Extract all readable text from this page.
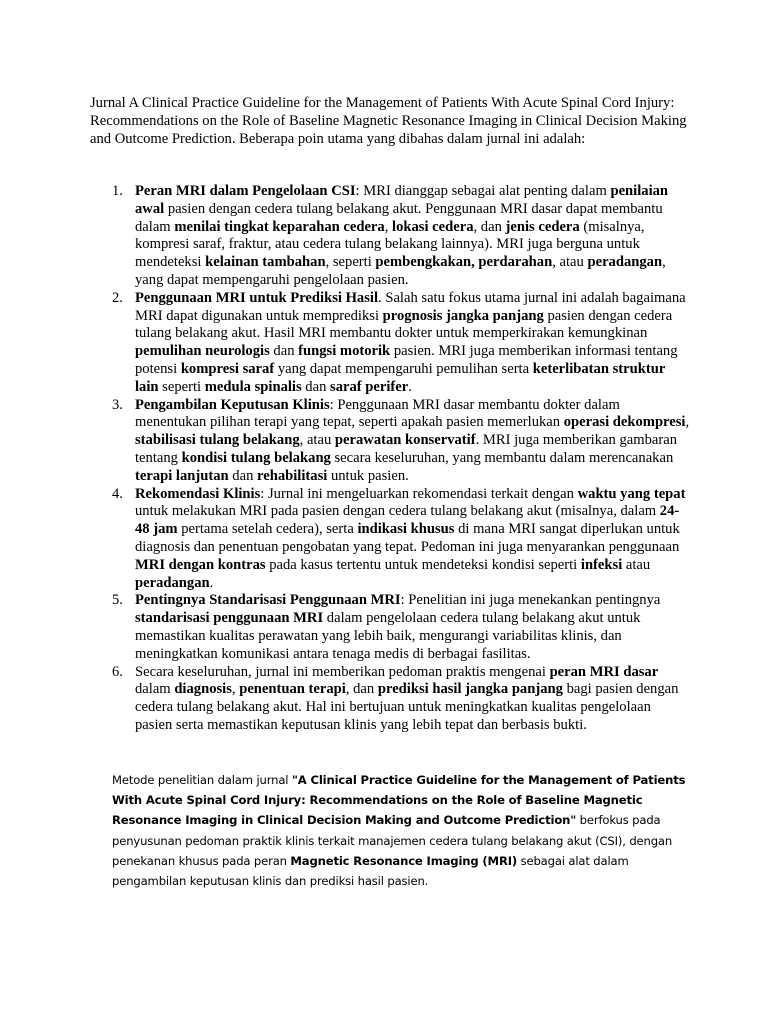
Jurnal A Clinical Practice Guideline for the Management of Patients With Acute Spinal Cord Injury: Recommendations on the Role of Baseline Magnetic Resonance Imaging in Clinical Decision Making and Outcome Prediction. Beberapa poin utama yang dibahas dalam jurnal ini adalah:

1. Peran MRI dalam Pengelolaan CSI: MRI dianggap sebagai alat penting dalam penilaian awal pasien dengan cedera tulang belakang akut. Penggunaan MRI dasar dapat membantu dalam menilai tingkat keparahan cedera, lokasi cedera, dan jenis cedera (misalnya, kompresi saraf, fraktur, atau cedera tulang belakang lainnya). MRI juga berguna untuk mendeteksi kelainan tambahan, seperti pembengkakan, perdarahan, atau peradangan, yang dapat mempengaruhi pengelolaan pasien.
2. Penggunaan MRI untuk Prediksi Hasil. Salah satu fokus utama jurnal ini adalah bagaimana MRI dapat digunakan untuk memprediksi prognosis jangka panjang pasien dengan cedera tulang belakang akut. Hasil MRI membantu dokter untuk memperkirakan kemungkinan pemulihan neurologis dan fungsi motorik pasien. MRI juga memberikan informasi tentang potensi kompresi saraf yang dapat mempengaruhi pemulihan serta keterlibatan struktur lain seperti medula spinalis dan saraf perifer.
3. Pengambilan Keputusan Klinis: Penggunaan MRI dasar membantu dokter dalam menentukan pilihan terapi yang tepat, seperti apakah pasien memerlukan operasi dekompresi, stabilisasi tulang belakang, atau perawatan konservatif. MRI juga memberikan gambaran tentang kondisi tulang belakang secara keseluruhan, yang membantu dalam merencanakan terapi lanjutan dan rehabilitasi untuk pasien.
4. Rekomendasi Klinis: Jurnal ini mengeluarkan rekomendasi terkait dengan waktu yang tepat untuk melakukan MRI pada pasien dengan cedera tulang belakang akut (misalnya, dalam 24-48 jam pertama setelah cedera), serta indikasi khusus di mana MRI sangat diperlukan untuk diagnosis dan penentuan pengobatan yang tepat. Pedoman ini juga menyarankan penggunaan MRI dengan kontras pada kasus tertentu untuk mendeteksi kondisi seperti infeksi atau peradangan.
5. Pentingnya Standarisasi Penggunaan MRI: Penelitian ini juga menekankan pentingnya standarisasi penggunaan MRI dalam pengelolaan cedera tulang belakang akut untuk memastikan kualitas perawatan yang lebih baik, mengurangi variabilitas klinis, dan meningkatkan komunikasi antara tenaga medis di berbagai fasilitas.
6. Secara keseluruhan, jurnal ini memberikan pedoman praktis mengenai peran MRI dasar dalam diagnosis, penentuan terapi, dan prediksi hasil jangka panjang bagi pasien dengan cedera tulang belakang akut. Hal ini bertujuan untuk meningkatkan kualitas pengelolaan pasien serta memastikan keputusan klinis yang lebih tepat dan berbasis bukti.

Metode penelitian dalam jurnal "A Clinical Practice Guideline for the Management of Patients With Acute Spinal Cord Injury: Recommendations on the Role of Baseline Magnetic Resonance Imaging in Clinical Decision Making and Outcome Prediction" berfokus pada penyusunan pedoman praktik klinis terkait manajemen cedera tulang belakang akut (CSI), dengan penekanan khusus pada peran Magnetic Resonance Imaging (MRI) sebagai alat dalam pengambilan keputusan klinis dan prediksi hasil pasien.
